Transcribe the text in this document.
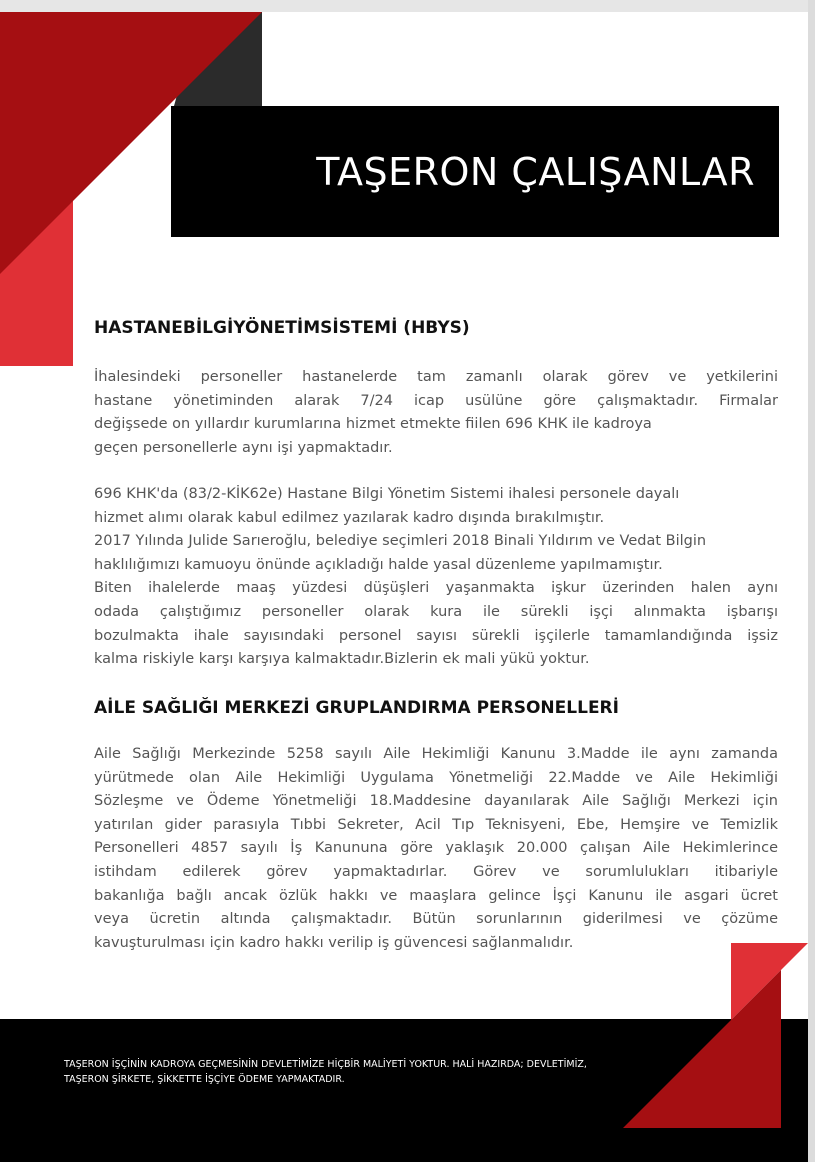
TAŞERON ÇALIŞANLAR
HASTANEBİLGİYÖNETİMSİSTEMİ (HBYS)
İhalesindeki personeller hastanelerde tam zamanlı olarak görev ve yetkilerini
hastane yönetiminden alarak 7/24 icap usülüne göre çalışmaktadır. Firmalar
değişsede on yıllardır kurumlarına hizmet etmekte fiilen 696 KHK ile kadroya
geçen personellerle aynı işi yapmaktadır.
696 KHK'da (83/2-KİK62e) Hastane Bilgi Yönetim Sistemi ihalesi personele dayalı
hizmet alımı olarak kabul edilmez yazılarak kadro dışında bırakılmıştır.
2017 Yılında Julide Sarıeroğlu, belediye seçimleri 2018 Binali Yıldırım ve Vedat Bilgin
haklılığımızı kamuoyu önünde açıkladığı halde yasal düzenleme yapılmamıştır.
Biten ihalelerde maaş yüzdesi düşüşleri yaşanmakta işkur üzerinden halen aynı
odada çalıştığımız personeller olarak kura ile sürekli işçi alınmakta işbarışı
bozulmakta ihale sayısındaki personel sayısı sürekli işçilerle tamamlandığında işsiz
kalma riskiyle karşı karşıya kalmaktadır.Bizlerin ek mali yükü yoktur.
AİLE SAĞLIĞI MERKEZİ GRUPLANDIRMA PERSONELLERİ
Aile Sağlığı Merkezinde 5258 sayılı Aile Hekimliği Kanunu 3.Madde ile aynı zamanda
yürütmede olan Aile Hekimliği Uygulama Yönetmeliği 22.Madde ve Aile Hekimliği
Sözleşme ve Ödeme Yönetmeliği 18.Maddesine dayanılarak Aile Sağlığı Merkezi için
yatırılan gider parasıyla Tıbbi Sekreter, Acil Tıp Teknisyeni, Ebe, Hemşire ve Temizlik
Personelleri 4857 sayılı İş Kanununa göre yaklaşık 20.000 çalışan Aile Hekimlerince
istihdam edilerek görev yapmaktadırlar. Görev ve sorumlulukları itibariyle
bakanlığa bağlı ancak özlük hakkı ve maaşlara gelince İşçi Kanunu ile asgari ücret
veya ücretin altında çalışmaktadır. Bütün sorunlarının giderilmesi ve çözüme
kavuşturulması için kadro hakkı verilip iş güvencesi sağlanmalıdır.
TAŞERON İŞÇİNİN KADROYA GEÇMESİNİN DEVLETİMİZE HİÇBİR MALİYETİ YOKTUR. HALİ HAZIRDA; DEVLETİMİZ,
TAŞERON ŞİRKETE, ŞİKKETTE İŞÇİYE ÖDEME YAPMAKTADIR.
